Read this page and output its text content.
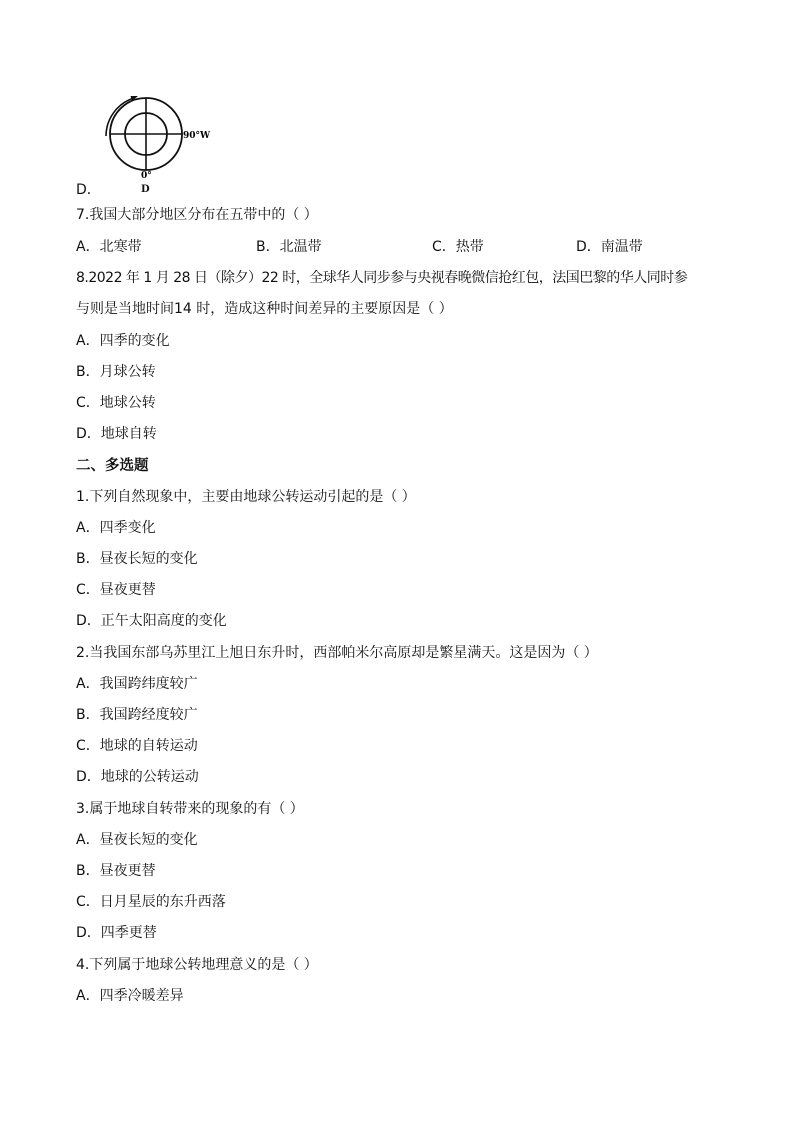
90°W
0°
D．	D
7.我国大部分地区分布在五带中的（ ）
A．北寒带	B．北温带	C．热带	D．南温带
8.2022 年 1 月 28 日（除夕）22 时，全球华人同步参与央视春晚微信抢红包，法国巴黎的华人同时参
与则是当地时间14 时，造成这种时间差异的主要原因是（ ）
A．四季的变化
B．月球公转
C．地球公转
D．地球自转
二、多选题
1.下列自然现象中，主要由地球公转运动引起的是（ ）
A．四季变化
B．昼夜长短的变化
C．昼夜更替
D．正午太阳高度的变化
2.当我国东部乌苏里江上旭日东升时，西部帕米尔高原却是繁星满天。这是因为（ ）
A．我国跨纬度较广
B．我国跨经度较广
C．地球的自转运动
D．地球的公转运动
3.属于地球自转带来的现象的有（ ）
A．昼夜长短的变化
B．昼夜更替
C．日月星辰的东升西落
D．四季更替
4.下列属于地球公转地理意义的是（ ）
A．四季冷暖差异
